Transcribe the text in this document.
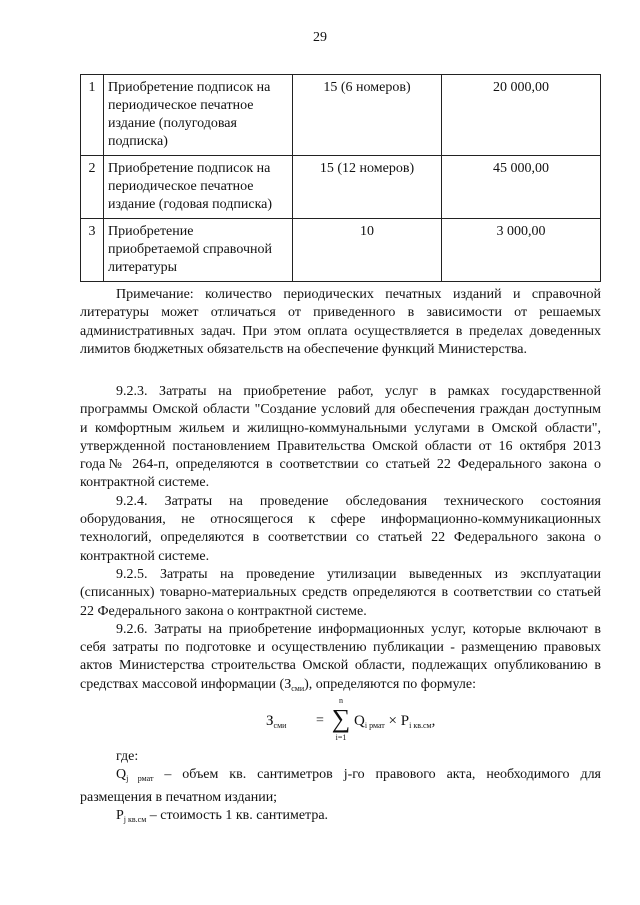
29
1	Приобретение подписок на периодическое печатное издание (полугодовая подписка)	15 (6 номеров)	20 000,00
2	Приобретение подписок на периодическое печатное издание (годовая подписка)	15 (12 номеров)	45 000,00
3	Приобретение приобретаемой справочной литературы	10	3 000,00

Примечание: количество периодических печатных изданий и справочной литературы может отличаться от приведенного в зависимости от решаемых административных задач. При этом оплата осуществляется в пределах доведенных лимитов бюджетных обязательств на обеспечение функций Министерства.

9.2.3. Затраты на приобретение работ, услуг в рамках государственной программы Омской области "Создание условий для обеспечения граждан доступным и комфортным жильем и жилищно-коммунальными услугами в Омской области", утвержденной постановлением Правительства Омской области от 16 октября 2013 года№ 264-п, определяются в соответствии со статьей 22 Федерального закона о контрактной системе.

9.2.4. Затраты на проведение обследования технического состояния оборудования, не относящегося к сфере информационно-коммуникационных технологий, определяются в соответствии со статьей 22 Федерального закона о контрактной системе.

9.2.5. Затраты на проведение утилизации выведенных из эксплуатации (списанных) товарно-материальных средств определяются в соответствии со статьей 22 Федерального закона о контрактной системе.

9.2.6. Затраты на приобретение информационных услуг, которые включают в себя затраты по подготовке и осуществлению публикации - размещению правовых актов Министерства строительства Омской области, подлежащих опубликованию в средствах массовой информации $(З_{сми})$, определяются по формуле:

$З_{сми}$ =
n
∑
i=1
$Q_{i рмат} \times P_{i кв.см}$,

где:

$Q_{j рмат}$ – объем кв. сантиметров j-го правового акта, необходимого для размещения в печатном издании;

$P_{j кв.см}$ – стоимость 1 кв. сантиметра.
